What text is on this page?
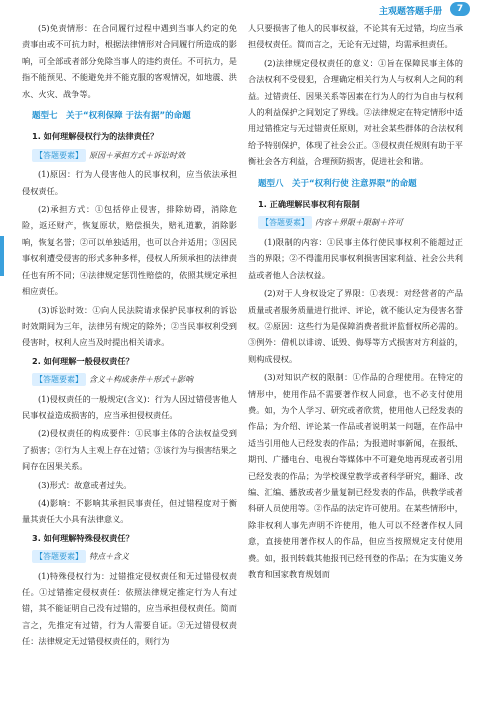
主观题答题手册	7

(5)免责情形：在合同履行过程中遇到当事人约定的免责事由或不可抗力时，根据法律情形对合同履行所造成的影响，可全部或者部分免除当事人的违约责任。不可抗力，是指不能预见、不能避免并不能克服的客观情况，如地震、洪水、火灾、战争等。

题型七　关于“权利保障 于法有据”的命题
1. 如何理解侵权行为的法律责任？
【答题要素】 原因＋承担方式＋诉讼时效

(1)原因：行为人侵害他人的民事权利，应当依法承担侵权责任。

(2)承担方式：①包括停止侵害，排除妨碍，消除危险，返还财产，恢复原状，赔偿损失，赔礼道歉，消除影响，恢复名誉；②可以单独适用，也可以合并适用；③因民事权利遭受侵害的形式多种多样，侵权人所须承担的法律责任也有所不同；④法律规定惩罚性赔偿的，依照其规定承担相应责任。

(3)诉讼时效：①向人民法院请求保护民事权利的诉讼时效期间为三年，法律另有规定的除外；②当民事权利受到侵害时，权利人应当及时提出相关请求。

2. 如何理解一般侵权责任？
【答题要素】 含义＋构成条件＋形式＋影响

(1)侵权责任的一般规定(含义)：行为人因过错侵害他人民事权益造成损害的，应当承担侵权责任。

(2)侵权责任的构成要件：①民事主体的合法权益受到了损害；②行为人主观上存在过错；③该行为与损害结果之间存在因果关系。

(3)形式：故意或者过失。

(4)影响：不影响其承担民事责任，但过错程度对于衡量其责任大小具有法律意义。

3. 如何理解特殊侵权责任？
【答题要素】 特点＋含义

(1)特殊侵权行为：过错推定侵权责任和无过错侵权责任。①过错推定侵权责任：依照法律规定推定行为人有过错，其不能证明自己没有过错的，应当承担侵权责任。简而言之，先推定有过错，行为人需要自证。②无过错侵权责任：法律规定无过错侵权责任的，则行为

人只要损害了他人的民事权益，不论其有无过错，均应当承担侵权责任。简而言之，无论有无过错，均需承担责任。

(2)法律规定侵权责任的意义：①旨在保障民事主体的合法权利不受侵犯，合理确定相关行为人与权利人之间的利益。过错责任、因果关系等因素在行为人的行为自由与权利人的利益保护之间划定了界线。②法律规定在特定情形中适用过错推定与无过错责任原则，对社会某些群体的合法权利给予特别保护，体现了社会公正。③侵权责任规则有助于平衡社会各方利益，合理预防损害，促进社会和谐。

题型八　关于“权利行使 注意界限”的命题
1. 正确理解民事权利有限制
【答题要素】 内容＋界限＋限制＋许可

(1)限制的内容：①民事主体行使民事权利不能超过正当的界限；②不得滥用民事权利损害国家利益、社会公共利益或者他人合法权益。

(2)对于人身权设定了界限：①表现：对经营者的产品质量或者服务质量进行批评、评论，就不能认定为侵害名誉权。②原因：这些行为是保障消费者批评监督权所必需的。③例外：借机以诽谤、诋毁、侮辱等方式损害对方利益的，则构成侵权。

(3)对知识产权的限制：①作品的合理使用。在特定的情形中，使用作品不需要著作权人同意，也不必支付使用费。如，为个人学习、研究或者欣赏，使用他人已经发表的作品；为介绍、评论某一作品或者说明某一问题，在作品中适当引用他人已经发表的作品；为报道时事新闻，在报纸、期刊、广播电台、电视台等媒体中不可避免地再现或者引用已经发表的作品；为学校课堂教学或者科学研究，翻译、改编、汇编、播放或者少量复制已经发表的作品，供教学或者科研人员使用等。②作品的法定许可使用。在某些情形中，除非权利人事先声明不许使用，他人可以不经著作权人同意，直接使用著作权人的作品，但应当按照规定支付使用费。如，报刊转载其他报刊已经刊登的作品；在为实施义务教育和国家教育规划而
